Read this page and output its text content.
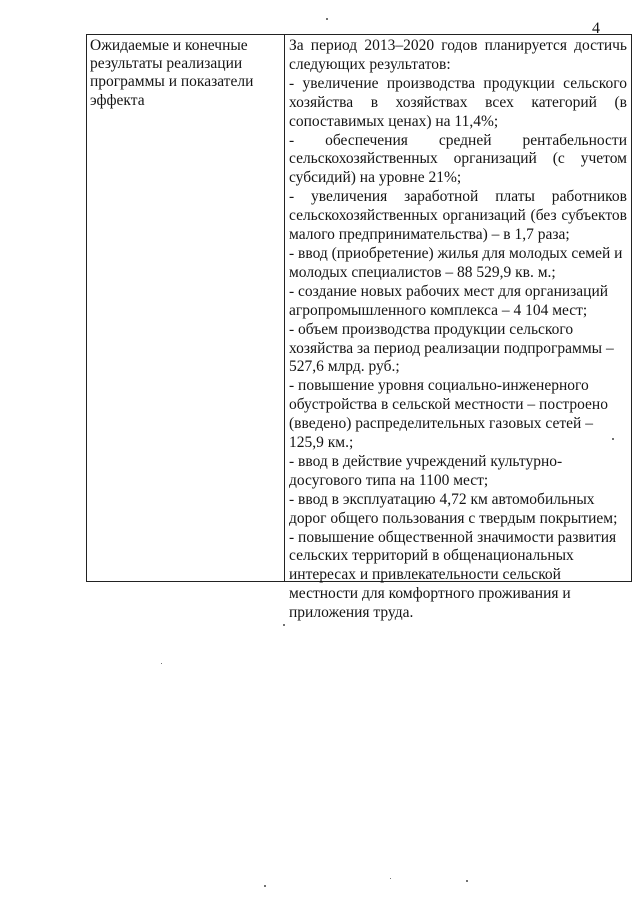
4
Ожидаемые и конечные результаты реализации программы и показатели эффекта

За период 2013–2020 годов планируется достичь следующих результатов:

- увеличение производства продукции сельского хозяйства в хозяйствах всех категорий (в сопоставимых ценах) на 11,4%;

- обеспечения средней рентабельности сельскохозяйственных организаций (с учетом субсидий) на уровне 21%;

- увеличения заработной платы работников сельскохозяйственных организаций (без субъектов малого предпринимательства) – в 1,7 раза;

- ввод (приобретение) жилья для молодых семей и молодых специалистов – 88 529,9 кв. м.;

- создание новых рабочих мест для организаций агропромышленного комплекса – 4 104 мест;

- объем производства продукции сельского хозяйства за период реализации подпрограммы – 527,6 млрд. руб.;

- повышение уровня социально-инженерного обустройства в сельской местности – построено (введено) распределительных газовых сетей – 125,9 км.;

- ввод в действие учреждений культурно-досугового типа на 1100 мест;

- ввод в эксплуатацию 4,72 км автомобильных дорог общего пользования с твердым покрытием;

- повышение общественной значимости развития сельских территорий в общенациональных интересах и привлекательности сельской местности для комфортного проживания и приложения труда.
